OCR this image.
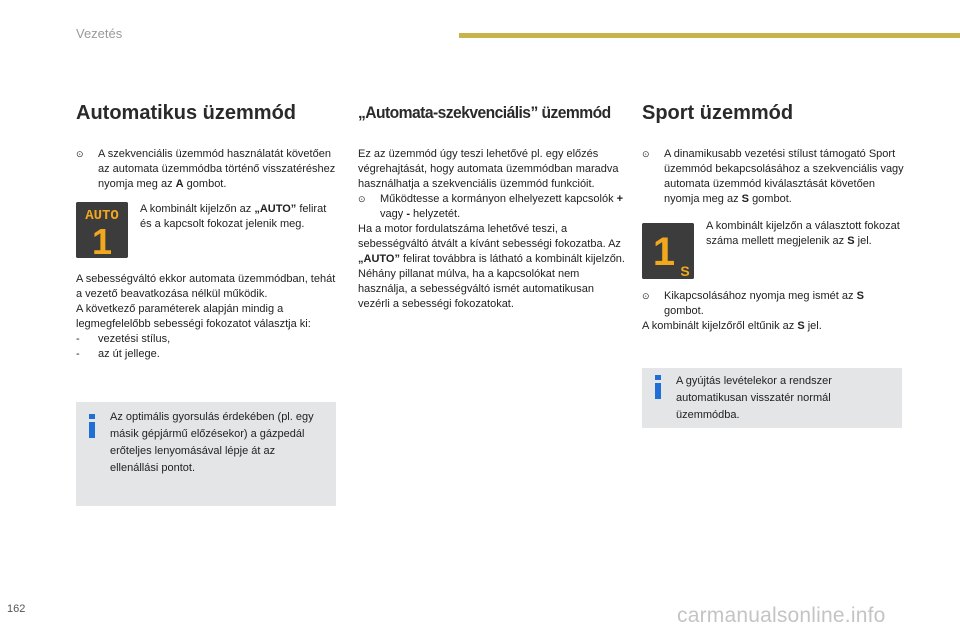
Vezetés
Automatikus üzemmód

⊙ A szekvenciális üzemmód használatát követően az automata üzemmódba történő visszatéréshez nyomja meg az A gombot.

AUTO
1

A kombinált kijelzőn az „AUTO” felirat és a kapcsolt fokozat jelenik meg.

A sebességváltó ekkor automata üzemmódban, tehát a vezető beavatkozása nélkül működik.

A következő paraméterek alapján mindig a legmegfelelőbb sebességi fokozatot választja ki:

- vezetési stílus,

- az út jellege.

Az optimális gyorsulás érdekében (pl. egy másik gépjármű előzésekor) a gázpedál erőteljes lenyomásával lépje át az ellenállási pontot.
„Automata-szekvenciális” üzemmód

Ez az üzemmód úgy teszi lehetővé pl. egy előzés végrehajtását, hogy automata üzemmódban maradva használhatja a szekvenciális üzemmód funkcióit.

⊙ Működtesse a kormányon elhelyezett kapcsolók + vagy - helyzetét.

Ha a motor fordulatszáma lehetővé teszi, a sebességváltó átvált a kívánt sebességi fokozatba. Az „AUTO” felirat továbbra is látható a kombinált kijelzőn.

Néhány pillanat múlva, ha a kapcsolókat nem használja, a sebességváltó ismét automatikusan vezérli a sebességi fokozatokat.

Sport üzemmód

⊙ A dinamikusabb vezetési stílust támogató Sport üzemmód bekapcsolásához a szekvenciális vagy automata üzemmód kiválasztását követően nyomja meg az S gombot.

1 S

A kombinált kijelzőn a választott fokozat száma mellett megjelenik az S jel.

⊙ Kikapcsolásához nyomja meg ismét az S gombot.

A kombinált kijelzőről eltűnik az S jel.

A gyújtás levételekor a rendszer automatikusan visszatér normál üzemmódba.
162	carmanualsonline.info
